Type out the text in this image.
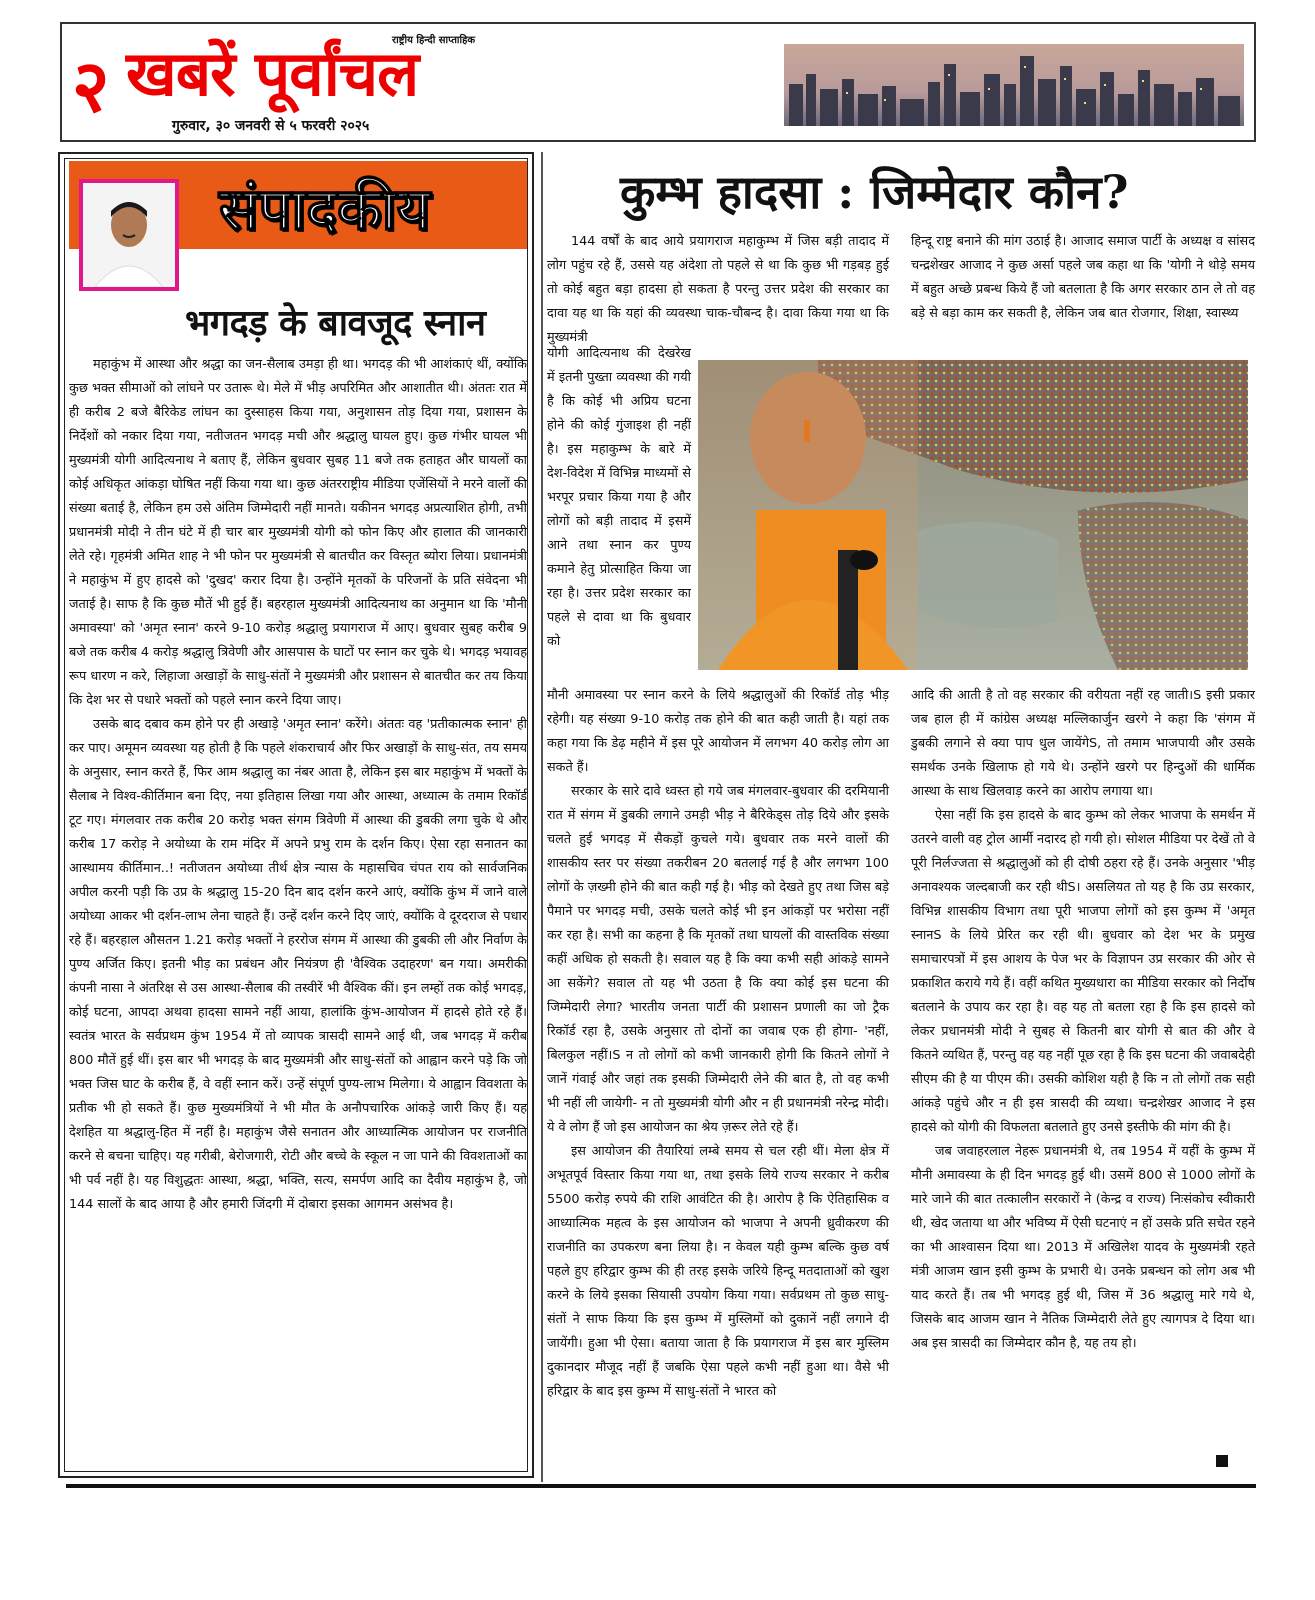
२
राष्ट्रीय हिन्दी साप्ताहिक
खबरें पूर्वांचल
गुरुवार, ३० जनवरी से ५ फरवरी २०२५
संपादकीय
भगदड़ के बावजूद स्नान

महाकुंभ में आस्था और श्रद्धा का जन-सैलाब उमड़ा ही था। भगदड़ की भी आशंकाएं थीं, क्योंकि कुछ भक्त सीमाओं को लांघने पर उतारू थे। मेले में भीड़ अपरिमित और आशातीत थी। अंततः रात में ही करीब 2 बजे बैरिकेड लांघन का दुस्साहस किया गया, अनुशासन तोड़ दिया गया, प्रशासन के निर्देशों को नकार दिया गया, नतीजतन भगदड़ मची और श्रद्धालु घायल हुए। कुछ गंभीर घायल भी मुख्यमंत्री योगी आदित्यनाथ ने बताए हैं, लेकिन बुधवार सुबह 11 बजे तक हताहत और घायलों का कोई अधिकृत आंकड़ा घोषित नहीं किया गया था। कुछ अंतरराष्ट्रीय मीडिया एजेंसियों ने मरने वालों की संख्या बताई है, लेकिन हम उसे अंतिम जिम्मेदारी नहीं मानते। यकीनन भगदड़ अप्रत्याशित होगी, तभी प्रधानमंत्री मोदी ने तीन घंटे में ही चार बार मुख्यमंत्री योगी को फोन किए और हालात की जानकारी लेते रहे। गृहमंत्री अमित शाह ने भी फोन पर मुख्यमंत्री से बातचीत कर विस्तृत ब्योरा लिया। प्रधानमंत्री ने महाकुंभ में हुए हादसे को 'दुखद' करार दिया है। उन्होंने मृतकों के परिजनों के प्रति संवेदना भी जताई है। साफ है कि कुछ मौतें भी हुई हैं। बहरहाल मुख्यमंत्री आदित्यनाथ का अनुमान था कि 'मौनी अमावस्या' को 'अमृत स्नान' करने 9-10 करोड़ श्रद्धालु प्रयागराज में आए। बुधवार सुबह करीब 9 बजे तक करीब 4 करोड़ श्रद्धालु त्रिवेणी और आसपास के घाटों पर स्नान कर चुके थे। भगदड़ भयावह रूप धारण न करे, लिहाजा अखाड़ों के साधु-संतों ने मुख्यमंत्री और प्रशासन से बातचीत कर तय किया कि देश भर से पधारे भक्तों को पहले स्नान करने दिया जाए।

उसके बाद दबाव कम होने पर ही अखाड़े 'अमृत स्नान' करेंगे। अंततः वह 'प्रतीकात्मक स्नान' ही कर पाए। अमूमन व्यवस्था यह होती है कि पहले शंकराचार्य और फिर अखाड़ों के साधु-संत, तय समय के अनुसार, स्नान करते हैं, फिर आम श्रद्धालु का नंबर आता है, लेकिन इस बार महाकुंभ में भक्तों के सैलाब ने विश्व-कीर्तिमान बना दिए, नया इतिहास लिखा गया और आस्था, अध्यात्म के तमाम रिकॉर्ड टूट गए। मंगलवार तक करीब 20 करोड़ भक्त संगम त्रिवेणी में आस्था की डुबकी लगा चुके थे और करीब 17 करोड़ ने अयोध्या के राम मंदिर में अपने प्रभु राम के दर्शन किए। ऐसा रहा सनातन का आस्थामय कीर्तिमान..! नतीजतन अयोध्या तीर्थ क्षेत्र न्यास के महासचिव चंपत राय को सार्वजनिक अपील करनी पड़ी कि उप्र के श्रद्धालु 15-20 दिन बाद दर्शन करने आएं, क्योंकि कुंभ में जाने वाले अयोध्या आकर भी दर्शन-लाभ लेना चाहते हैं। उन्हें दर्शन करने दिए जाएं, क्योंकि वे दूरदराज से पधार रहे हैं। बहरहाल औसतन 1.21 करोड़ भक्तों ने हररोज संगम में आस्था की डुबकी ली और निर्वाण के पुण्य अर्जित किए। इतनी भीड़ का प्रबंधन और नियंत्रण ही 'वैश्विक उदाहरण' बन गया। अमरीकी कंपनी नासा ने अंतरिक्ष से उस आस्था-सैलाब की तस्वीरें भी वैश्विक कीं। इन लम्हों तक कोई भगदड़, कोई घटना, आपदा अथवा हादसा सामने नहीं आया, हालांकि कुंभ-आयोजन में हादसे होते रहे हैं। स्वतंत्र भारत के सर्वप्रथम कुंभ 1954 में तो व्यापक त्रासदी सामने आई थी, जब भगदड़ में करीब 800 मौतें हुई थीं। इस बार भी भगदड़ के बाद मुख्यमंत्री और साधु-संतों को आह्वान करने पड़े कि जो भक्त जिस घाट के करीब हैं, वे वहीं स्नान करें। उन्हें संपूर्ण पुण्य-लाभ मिलेगा। ये आह्वान विवशता के प्रतीक भी हो सकते हैं। कुछ मुख्यमंत्रियों ने भी मौत के अनौपचारिक आंकड़े जारी किए हैं। यह देशहित या श्रद्धालु-हित में नहीं है। महाकुंभ जैसे सनातन और आध्यात्मिक आयोजन पर राजनीति करने से बचना चाहिए। यह गरीबी, बेरोजगारी, रोटी और बच्चे के स्कूल न जा पाने की विवशताओं का भी पर्व नहीं है। यह विशुद्धतः आस्था, श्रद्धा, भक्ति, सत्य, समर्पण आदि का दैवीय महाकुंभ है, जो 144 सालों के बाद आया है और हमारी जिंदगी में दोबारा इसका आगमन असंभव है।

कुम्भ हादसा : जिम्मेदार कौन?

144 वर्षों के बाद आये प्रयागराज महाकुम्भ में जिस बड़ी तादाद में लोग पहुंच रहे हैं, उससे यह अंदेशा तो पहले से था कि कुछ भी गड़बड़ हुई तो कोई बहुत बड़ा हादसा हो सकता है परन्तु उत्तर प्रदेश की सरकार का दावा यह था कि यहां की व्यवस्था चाक-चौबन्द है। दावा किया गया था कि मुख्यमंत्री

हिन्दू राष्ट्र बनाने की मांग उठाई है। आजाद समाज पार्टी के अध्यक्ष व सांसद चन्द्रशेखर आजाद ने कुछ अर्सा पहले जब कहा था कि 'योगी ने थोड़े समय में बहुत अच्छे प्रबन्ध किये हैं जो बतलाता है कि अगर सरकार ठान ले तो वह बड़े से बड़ा काम कर सकती है, लेकिन जब बात रोजगार, शिक्षा, स्वास्थ्य

योगी आदित्यनाथ की देखरेख में इतनी पुख्ता व्यवस्था की गयी है कि कोई भी अप्रिय घटना होने की कोई गुंजाइश ही नहीं है। इस महाकुम्भ के बारे में देश-विदेश में विभिन्न माध्यमों से भरपूर प्रचार किया गया है और लोगों को बड़ी तादाद में इसमें आने तथा स्नान कर पुण्य कमाने हेतु प्रोत्साहित किया जा रहा है। उत्तर प्रदेश सरकार का पहले से दावा था कि बुधवार को

मौनी अमावस्या पर स्नान करने के लिये श्रद्धालुओं की रिकॉर्ड तोड़ भीड़ रहेगी। यह संख्या 9-10 करोड़ तक होने की बात कही जाती है। यहां तक कहा गया कि डेढ़ महीने में इस पूरे आयोजन में लगभग 40 करोड़ लोग आ सकते हैं।

सरकार के सारे दावे ध्वस्त हो गये जब मंगलवार-बुधवार की दरमियानी रात में संगम में डुबकी लगाने उमड़ी भीड़ ने बैरिकेड्स तोड़ दिये और इसके चलते हुई भगदड़ में सैकड़ों कुचले गये। बुधवार तक मरने वालों की शासकीय स्तर पर संख्या तकरीबन 20 बतलाई गई है और लगभग 100 लोगों के ज़ख्मी होने की बात कही गई है। भीड़ को देखते हुए तथा जिस बड़े पैमाने पर भगदड़ मची, उसके चलते कोई भी इन आंकड़ों पर भरोसा नहीं कर रहा है। सभी का कहना है कि मृतकों तथा घायलों की वास्तविक संख्या कहीं अधिक हो सकती है। सवाल यह है कि क्या कभी सही आंकड़े सामने आ सकेंगे? सवाल तो यह भी उठता है कि क्या कोई इस घटना की जिम्मेदारी लेगा? भारतीय जनता पार्टी की प्रशासन प्रणाली का जो ट्रैक रिकॉर्ड रहा है, उसके अनुसार तो दोनों का जवाब एक ही होगा- 'नहीं, बिलकुल नहीं।S न तो लोगों को कभी जानकारी होगी कि कितने लोगों ने जानें गंवाई और जहां तक इसकी जिम्मेदारी लेने की बात है, तो वह कभी भी नहीं ली जायेगी- न तो मुख्यमंत्री योगी और न ही प्रधानमंत्री नरेन्द्र मोदी। ये वे लोग हैं जो इस आयोजन का श्रेय ज़रूर लेते रहे हैं।

इस आयोजन की तैयारियां लम्बे समय से चल रही थीं। मेला क्षेत्र में अभूतपूर्व विस्तार किया गया था, तथा इसके लिये राज्य सरकार ने करीब 5500 करोड़ रुपये की राशि आवंटित की है। आरोप है कि ऐतिहासिक व आध्यात्मिक महत्व के इस आयोजन को भाजपा ने अपनी ध्रुवीकरण की राजनीति का उपकरण बना लिया है। न केवल यही कुम्भ बल्कि कुछ वर्ष पहले हुए हरिद्वार कुम्भ की ही तरह इसके जरिये हिन्दू मतदाताओं को खुश करने के लिये इसका सियासी उपयोग किया गया। सर्वप्रथम तो कुछ साधु-संतों ने साफ किया कि इस कुम्भ में मुस्लिमों को दुकानें नहीं लगाने दी जायेंगी। हुआ भी ऐसा। बताया जाता है कि प्रयागराज में इस बार मुस्लिम दुकानदार मौजूद नहीं हैं जबकि ऐसा पहले कभी नहीं हुआ था। वैसे भी हरिद्वार के बाद इस कुम्भ में साधु-संतों ने भारत को

आदि की आती है तो वह सरकार की वरीयता नहीं रह जाती।S इसी प्रकार जब हाल ही में कांग्रेस अध्यक्ष मल्लिकार्जुन खरगे ने कहा कि 'संगम में डुबकी लगाने से क्या पाप धुल जायेंगेS, तो तमाम भाजपायी और उसके समर्थक उनके खिलाफ हो गये थे। उन्होंने खरगे पर हिन्दुओं की धार्मिक आस्था के साथ खिलवाड़ करने का आरोप लगाया था।

ऐसा नहीं कि इस हादसे के बाद कुम्भ को लेकर भाजपा के समर्थन में उतरने वाली वह ट्रोल आर्मी नदारद हो गयी हो। सोशल मीडिया पर देखें तो वे पूरी निर्लज्जता से श्रद्धालुओं को ही दोषी ठहरा रहे हैं। उनके अनुसार 'भीड़ अनावश्यक जल्दबाजी कर रही थीS। असलियत तो यह है कि उप्र सरकार, विभिन्न शासकीय विभाग तथा पूरी भाजपा लोगों को इस कुम्भ में 'अमृत स्नानS के लिये प्रेरित कर रही थी। बुधवार को देश भर के प्रमुख समाचारपत्रों में इस आशय के पेज भर के विज्ञापन उप्र सरकार की ओर से प्रकाशित कराये गये हैं। वहीं कथित मुख्यधारा का मीडिया सरकार को निर्दोष बतलाने के उपाय कर रहा है। वह यह तो बतला रहा है कि इस हादसे को लेकर प्रधानमंत्री मोदी ने सुबह से कितनी बार योगी से बात की और वे कितने व्यथित हैं, परन्तु वह यह नहीं पूछ रहा है कि इस घटना की जवाबदेही सीएम की है या पीएम की। उसकी कोशिश यही है कि न तो लोगों तक सही आंकड़े पहुंचे और न ही इस त्रासदी की व्यथा। चन्द्रशेखर आजाद ने इस हादसे को योगी की विफलता बतलाते हुए उनसे इस्तीफे की मांग की है।

जब जवाहरलाल नेहरू प्रधानमंत्री थे, तब 1954 में यहीं के कुम्भ में मौनी अमावस्या के ही दिन भगदड़ हुई थी। उसमें 800 से 1000 लोगों के मारे जाने की बात तत्कालीन सरकारों ने (केन्द्र व राज्य) निःसंकोच स्वीकारी थी, खेद जताया था और भविष्य में ऐसी घटनाएं न हों उसके प्रति सचेत रहने का भी आश्वासन दिया था। 2013 में अखिलेश यादव के मुख्यमंत्री रहते मंत्री आजम खान इसी कुम्भ के प्रभारी थे। उनके प्रबन्धन को लोग अब भी याद करते हैं। तब भी भगदड़ हुई थी, जिस में 36 श्रद्धालु मारे गये थे, जिसके बाद आजम खान ने नैतिक जिम्मेदारी लेते हुए त्यागपत्र दे दिया था। अब इस त्रासदी का जिम्मेदार कौन है, यह तय हो।
